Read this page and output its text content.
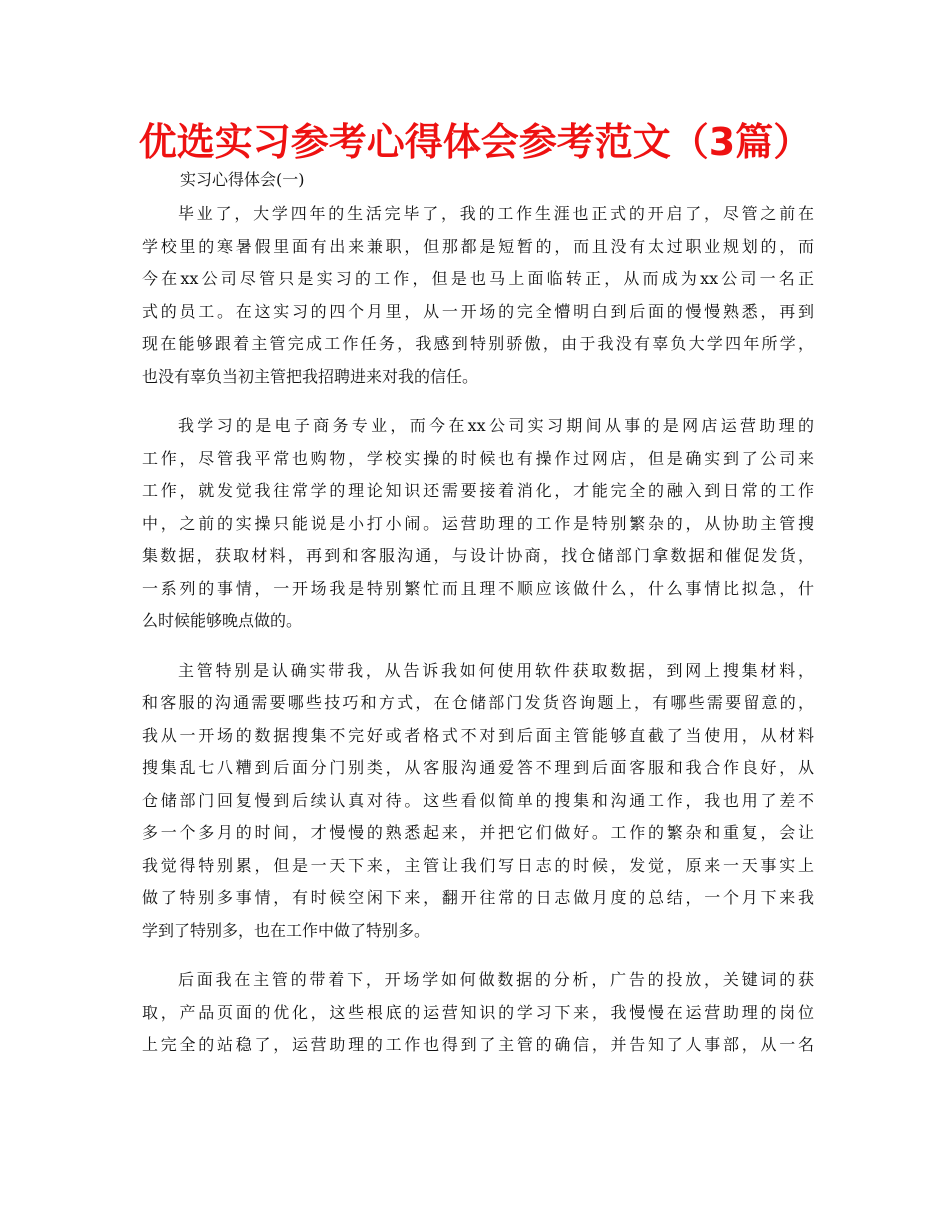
优选实习参考心得体会参考范文（3篇）
实习心得体会(一)
毕业了，大学四年的生活完毕了，我的工作生涯也正式的开启了，尽管之前在
学校里的寒暑假里面有出来兼职，但那都是短暂的，而且没有太过职业规划的，而
今在xx公司尽管只是实习的工作，但是也马上面临转正，从而成为xx公司一名正
式的员工。在这实习的四个月里，从一开场的完全懵明白到后面的慢慢熟悉，再到
现在能够跟着主管完成工作任务，我感到特别骄傲，由于我没有辜负大学四年所学，
也没有辜负当初主管把我招聘进来对我的信任。
我学习的是电子商务专业，而今在xx公司实习期间从事的是网店运营助理的
工作，尽管我平常也购物，学校实操的时候也有操作过网店，但是确实到了公司来
工作，就发觉我往常学的理论知识还需要接着消化，才能完全的融入到日常的工作
中，之前的实操只能说是小打小闹。运营助理的工作是特别繁杂的，从协助主管搜
集数据，获取材料，再到和客服沟通，与设计协商，找仓储部门拿数据和催促发货，
一系列的事情，一开场我是特别繁忙而且理不顺应该做什么，什么事情比拟急，什
么时候能够晚点做的。
主管特别是认确实带我，从告诉我如何使用软件获取数据，到网上搜集材料，
和客服的沟通需要哪些技巧和方式，在仓储部门发货咨询题上，有哪些需要留意的，
我从一开场的数据搜集不完好或者格式不对到后面主管能够直截了当使用，从材料
搜集乱七八糟到后面分门别类，从客服沟通爱答不理到后面客服和我合作良好，从
仓储部门回复慢到后续认真对待。这些看似简单的搜集和沟通工作，我也用了差不
多一个多月的时间，才慢慢的熟悉起来，并把它们做好。工作的繁杂和重复，会让
我觉得特别累，但是一天下来，主管让我们写日志的时候，发觉，原来一天事实上
做了特别多事情，有时候空闲下来，翻开往常的日志做月度的总结，一个月下来我
学到了特别多，也在工作中做了特别多。
后面我在主管的带着下，开场学如何做数据的分析，广告的投放，关键词的获
取，产品页面的优化，这些根底的运营知识的学习下来，我慢慢在运营助理的岗位
上完全的站稳了，运营助理的工作也得到了主管的确信，并告知了人事部，从一名
